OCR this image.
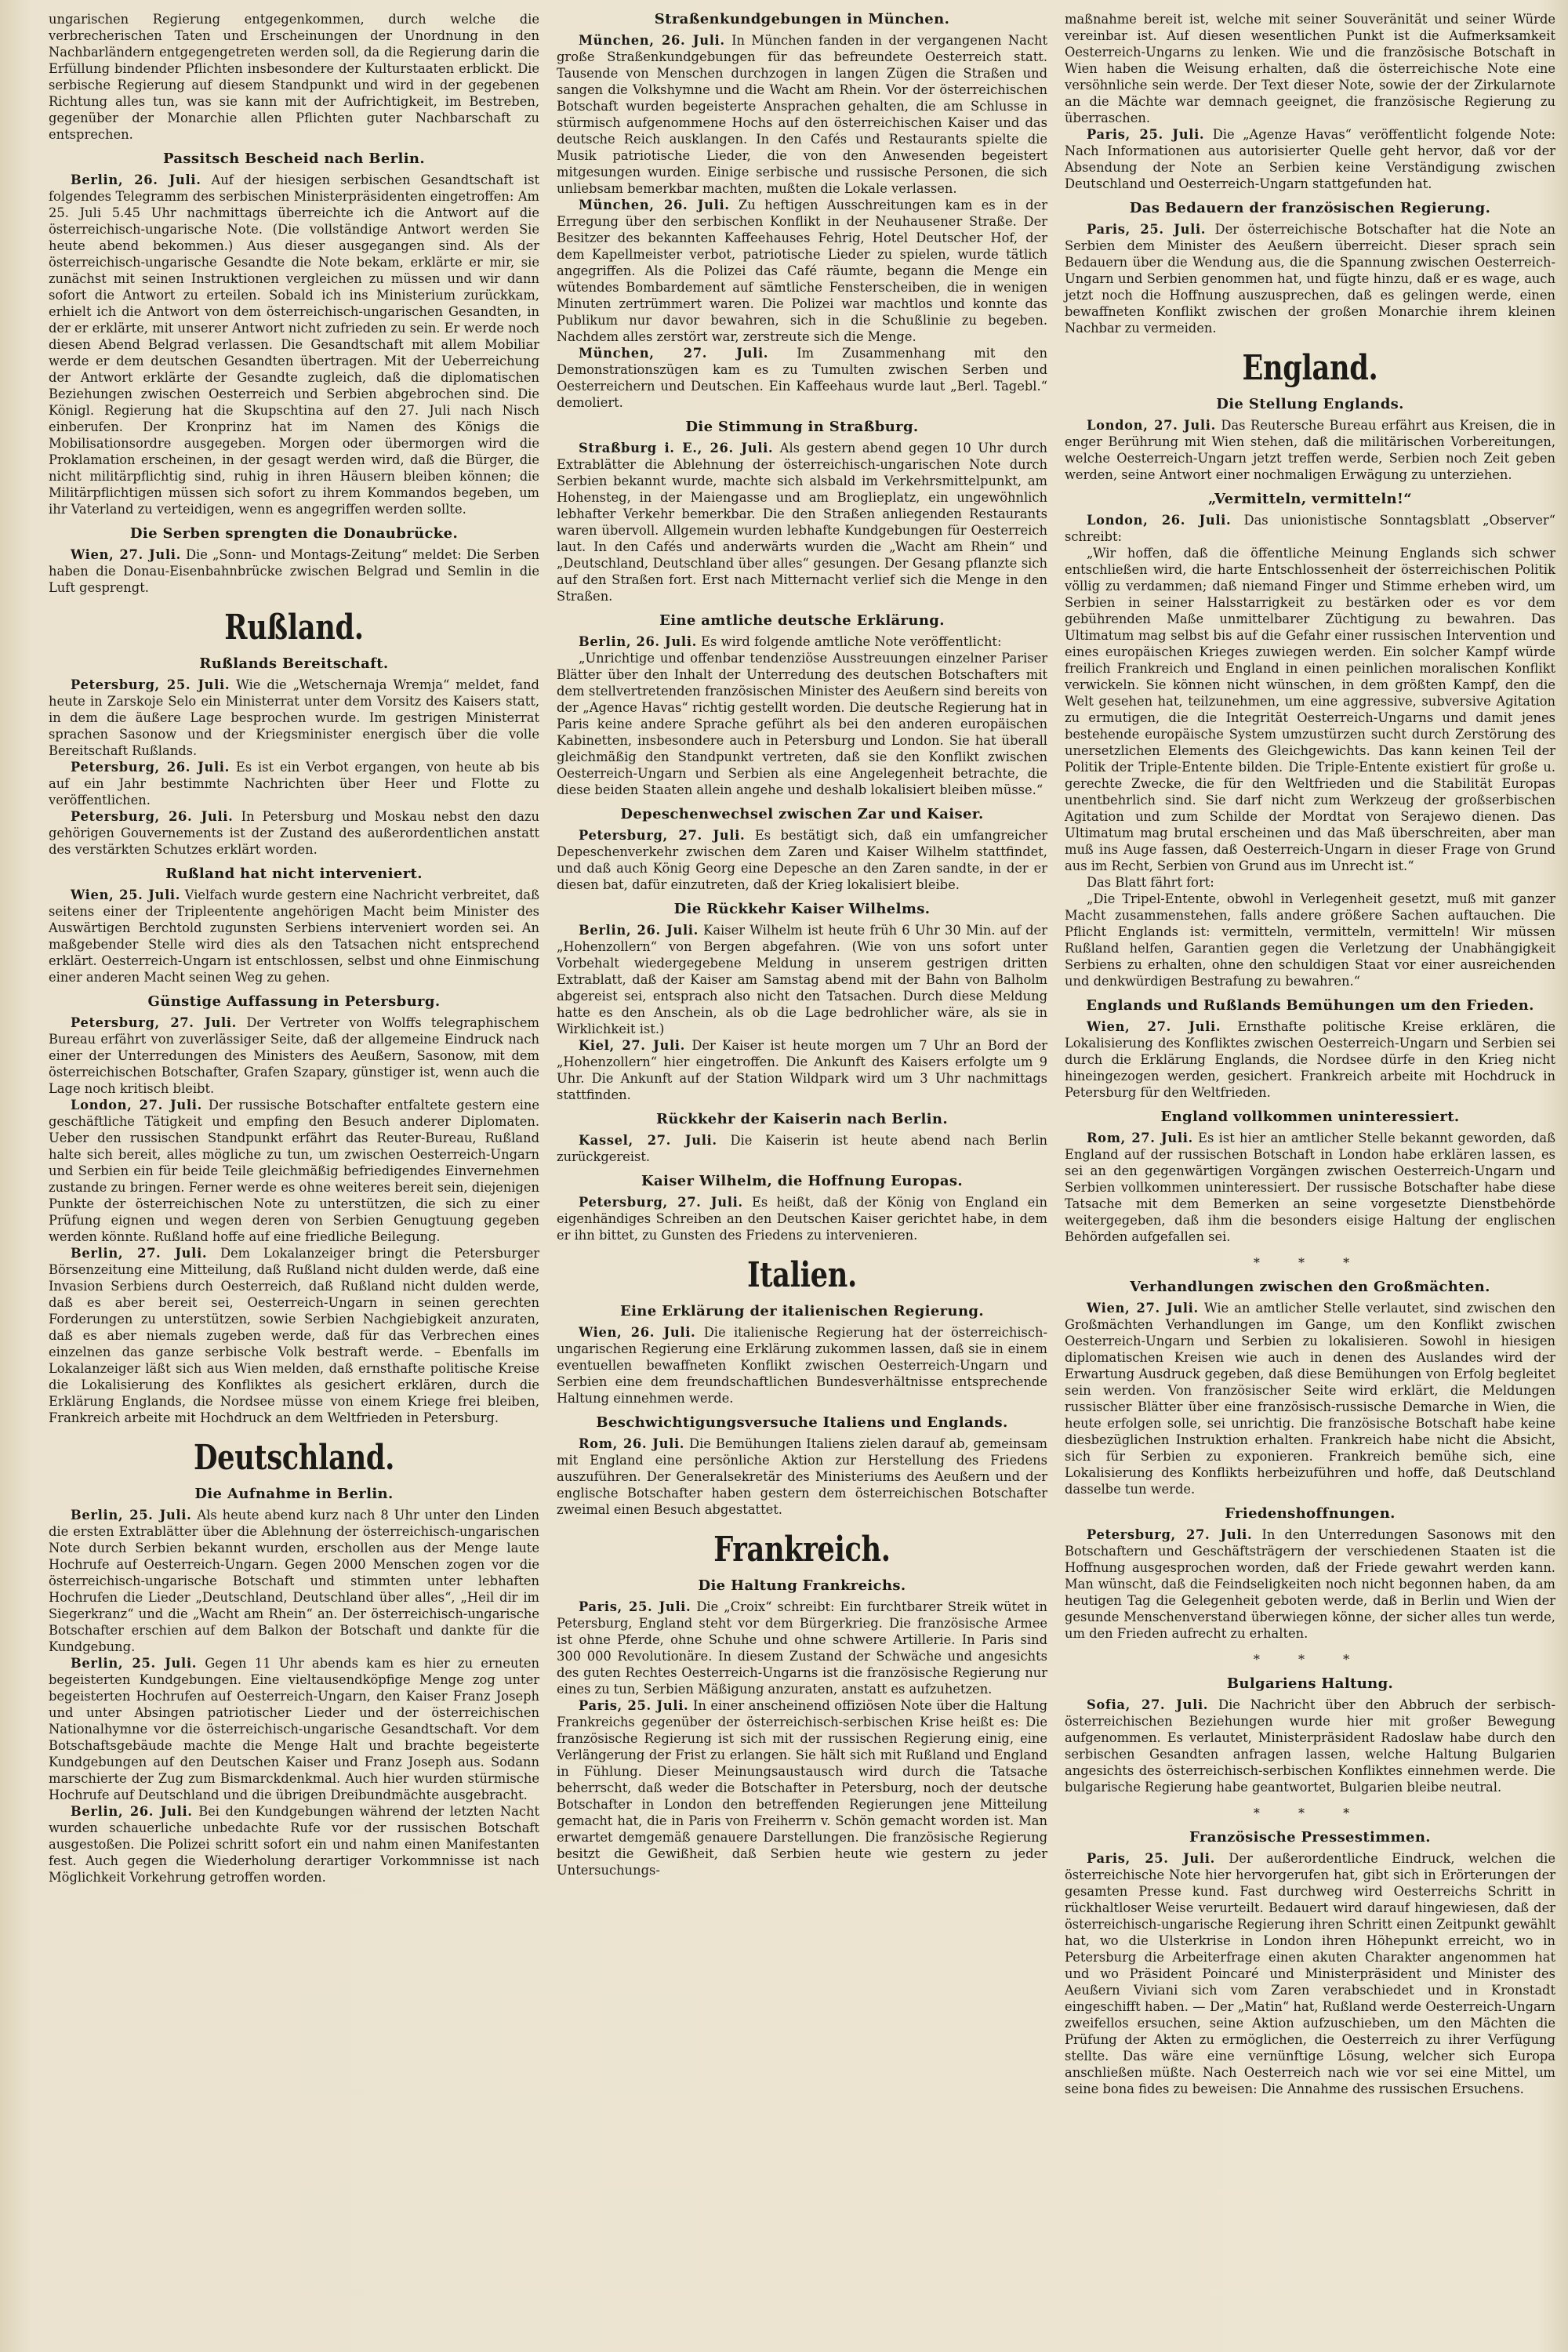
ungarischen Regierung entgegenkommen, durch welche die verbrecherischen Taten und Erscheinungen der Unordnung in den Nachbarländern entgegengetreten werden soll, da die Regierung darin die Erfüllung bindender Pflichten insbesondere der Kulturstaaten erblickt. Die serbische Regierung auf diesem Standpunkt und wird in der gegebenen Richtung alles tun, was sie kann mit der Aufrichtigkeit, im Bestreben, gegenüber der Monarchie allen Pflichten guter Nachbarschaft zu entsprechen.

Passitsch Bescheid nach Berlin.

Berlin, 26. Juli. Auf der hiesigen serbischen Gesandtschaft ist folgendes Telegramm des serbischen Ministerpräsidenten eingetroffen: Am 25. Juli 5.45 Uhr nachmittags überreichte ich die Antwort auf die österreichisch-ungarische Note. (Die vollständige Antwort werden Sie heute abend bekommen.) Aus dieser ausgegangen sind. Als der österreichisch-ungarische Gesandte die Note bekam, erklärte er mir, sie zunächst mit seinen Instruktionen vergleichen zu müssen und wir dann sofort die Antwort zu erteilen. Sobald ich ins Ministerium zurückkam, erhielt ich die Antwort von dem österreichisch-ungarischen Gesandten, in der er erklärte, mit unserer Antwort nicht zufrieden zu sein. Er werde noch diesen Abend Belgrad verlassen. Die Gesandtschaft mit allem Mobiliar werde er dem deutschen Gesandten übertragen. Mit der Ueberreichung der Antwort erklärte der Gesandte zugleich, daß die diplomatischen Beziehungen zwischen Oesterreich und Serbien abgebrochen sind. Die Königl. Regierung hat die Skupschtina auf den 27. Juli nach Nisch einberufen. Der Kronprinz hat im Namen des Königs die Mobilisationsordre ausgegeben. Morgen oder übermorgen wird die Proklamation erscheinen, in der gesagt werden wird, daß die Bürger, die nicht militärpflichtig sind, ruhig in ihren Häusern bleiben können; die Militärpflichtigen müssen sich sofort zu ihrem Kommandos begeben, um ihr Vaterland zu verteidigen, wenn es angegriffen werden sollte.

Die Serben sprengten die Donaubrücke.

Wien, 27. Juli. Die „Sonn- und Montags-Zeitung“ meldet: Die Serben haben die Donau-Eisenbahnbrücke zwischen Belgrad und Semlin in die Luft gesprengt.

Rußland.
Rußlands Bereitschaft.

Petersburg, 25. Juli. Wie die „Wetschernaja Wremja“ meldet, fand heute in Zarskoje Selo ein Ministerrat unter dem Vorsitz des Kaisers statt, in dem die äußere Lage besprochen wurde. Im gestrigen Ministerrat sprachen Sasonow und der Kriegsminister energisch über die volle Bereitschaft Rußlands.

Petersburg, 26. Juli. Es ist ein Verbot ergangen, von heute ab bis auf ein Jahr bestimmte Nachrichten über Heer und Flotte zu veröffentlichen.

Petersburg, 26. Juli. In Petersburg und Moskau nebst den dazu gehörigen Gouvernements ist der Zustand des außerordentlichen anstatt des verstärkten Schutzes erklärt worden.

Rußland hat nicht interveniert.

Wien, 25. Juli. Vielfach wurde gestern eine Nachricht verbreitet, daß seitens einer der Tripleentente angehörigen Macht beim Minister des Auswärtigen Berchtold zugunsten Serbiens interveniert worden sei. An maßgebender Stelle wird dies als den Tatsachen nicht entsprechend erklärt. Oesterreich-Ungarn ist entschlossen, selbst und ohne Einmischung einer anderen Macht seinen Weg zu gehen.

Günstige Auffassung in Petersburg.

Petersburg, 27. Juli. Der Vertreter von Wolffs telegraphischem Bureau erfährt von zuverlässiger Seite, daß der allgemeine Eindruck nach einer der Unterredungen des Ministers des Aeußern, Sasonow, mit dem österreichischen Botschafter, Grafen Szapary, günstiger ist, wenn auch die Lage noch kritisch bleibt.

London, 27. Juli. Der russische Botschafter entfaltete gestern eine geschäftliche Tätigkeit und empfing den Besuch anderer Diplomaten. Ueber den russischen Standpunkt erfährt das Reuter-Bureau, Rußland halte sich bereit, alles mögliche zu tun, um zwischen Oesterreich-Ungarn und Serbien ein für beide Teile gleichmäßig befriedigendes Einvernehmen zustande zu bringen. Ferner werde es ohne weiteres bereit sein, diejenigen Punkte der österreichischen Note zu unterstützen, die sich zu einer Prüfung eignen und wegen deren von Serbien Genugtuung gegeben werden könnte. Rußland hoffe auf eine friedliche Beilegung.

Berlin, 27. Juli. Dem Lokalanzeiger bringt die Petersburger Börsenzeitung eine Mitteilung, daß Rußland nicht dulden werde, daß eine Invasion Serbiens durch Oesterreich, daß Rußland nicht dulden werde, daß es aber bereit sei, Oesterreich-Ungarn in seinen gerechten Forderungen zu unterstützen, sowie Serbien Nachgiebigkeit anzuraten, daß es aber niemals zugeben werde, daß für das Verbrechen eines einzelnen das ganze serbische Volk bestraft werde. – Ebenfalls im Lokalanzeiger läßt sich aus Wien melden, daß ernsthafte politische Kreise die Lokalisierung des Konfliktes als gesichert erklären, durch die Erklärung Englands, die Nordsee müsse von einem Kriege frei bleiben, Frankreich arbeite mit Hochdruck an dem Weltfrieden in Petersburg.

Deutschland.
Die Aufnahme in Berlin.

Berlin, 25. Juli. Als heute abend kurz nach 8 Uhr unter den Linden die ersten Extrablätter über die Ablehnung der österreichisch-ungarischen Note durch Serbien bekannt wurden, erschollen aus der Menge laute Hochrufe auf Oesterreich-Ungarn. Gegen 2000 Menschen zogen vor die österreichisch-ungarische Botschaft und stimmten unter lebhaften Hochrufen die Lieder „Deutschland, Deutschland über alles“, „Heil dir im Siegerkranz“ und die „Wacht am Rhein“ an. Der österreichisch-ungarische Botschafter erschien auf dem Balkon der Botschaft und dankte für die Kundgebung.

Berlin, 25. Juli. Gegen 11 Uhr abends kam es hier zu erneuten begeisterten Kundgebungen. Eine vieltausendköpfige Menge zog unter begeisterten Hochrufen auf Oesterreich-Ungarn, den Kaiser Franz Joseph und unter Absingen patriotischer Lieder und der österreichischen Nationalhymne vor die österreichisch-ungarische Gesandtschaft. Vor dem Botschaftsgebäude machte die Menge Halt und brachte begeisterte Kundgebungen auf den Deutschen Kaiser und Franz Joseph aus. Sodann marschierte der Zug zum Bismarckdenkmal. Auch hier wurden stürmische Hochrufe auf Deutschland und die übrigen Dreibundmächte ausgebracht.

Berlin, 26. Juli. Bei den Kundgebungen während der letzten Nacht wurden schauerliche unbedachte Rufe vor der russischen Botschaft ausgestoßen. Die Polizei schritt sofort ein und nahm einen Manifestanten fest. Auch gegen die Wiederholung derartiger Vorkommnisse ist nach Möglichkeit Vorkehrung getroffen worden.

Straßenkundgebungen in München.

München, 26. Juli. In München fanden in der vergangenen Nacht große Straßenkundgebungen für das befreundete Oesterreich statt. Tausende von Menschen durchzogen in langen Zügen die Straßen und sangen die Volkshymne und die Wacht am Rhein. Vor der österreichischen Botschaft wurden begeisterte Ansprachen gehalten, die am Schlusse in stürmisch aufgenommene Hochs auf den österreichischen Kaiser und das deutsche Reich ausklangen. In den Cafés und Restaurants spielte die Musik patriotische Lieder, die von den Anwesenden begeistert mitgesungen wurden. Einige serbische und russische Personen, die sich unliebsam bemerkbar machten, mußten die Lokale verlassen.

München, 26. Juli. Zu heftigen Ausschreitungen kam es in der Erregung über den serbischen Konflikt in der Neuhausener Straße. Der Besitzer des bekannten Kaffeehauses Fehrig, Hotel Deutscher Hof, der dem Kapellmeister verbot, patriotische Lieder zu spielen, wurde tätlich angegriffen. Als die Polizei das Café räumte, begann die Menge ein wütendes Bombardement auf sämtliche Fensterscheiben, die in wenigen Minuten zertrümmert waren. Die Polizei war machtlos und konnte das Publikum nur davor bewahren, sich in die Schußlinie zu begeben. Nachdem alles zerstört war, zerstreute sich die Menge.

München, 27. Juli. Im Zusammenhang mit den Demonstrationszügen kam es zu Tumulten zwischen Serben und Oesterreichern und Deutschen. Ein Kaffeehaus wurde laut „Berl. Tagebl.“ demoliert.

Die Stimmung in Straßburg.

Straßburg i. E., 26. Juli. Als gestern abend gegen 10 Uhr durch Extrablätter die Ablehnung der österreichisch-ungarischen Note durch Serbien bekannt wurde, machte sich alsbald im Verkehrsmittelpunkt, am Hohensteg, in der Maiengasse und am Broglieplatz, ein ungewöhnlich lebhafter Verkehr bemerkbar. Die den Straßen anliegenden Restaurants waren übervoll. Allgemein wurden lebhafte Kundgebungen für Oesterreich laut. In den Cafés und anderwärts wurden die „Wacht am Rhein“ und „Deutschland, Deutschland über alles“ gesungen. Der Gesang pflanzte sich auf den Straßen fort. Erst nach Mitternacht verlief sich die Menge in den Straßen.

Eine amtliche deutsche Erklärung.

Berlin, 26. Juli. Es wird folgende amtliche Note veröffentlicht:

„Unrichtige und offenbar tendenziöse Ausstreuungen einzelner Pariser Blätter über den Inhalt der Unterredung des deutschen Botschafters mit dem stellvertretenden französischen Minister des Aeußern sind bereits von der „Agence Havas“ richtig gestellt worden. Die deutsche Regierung hat in Paris keine andere Sprache geführt als bei den anderen europäischen Kabinetten, insbesondere auch in Petersburg und London. Sie hat überall gleichmäßig den Standpunkt vertreten, daß sie den Konflikt zwischen Oesterreich-Ungarn und Serbien als eine Angelegenheit betrachte, die diese beiden Staaten allein angehe und deshalb lokalisiert bleiben müsse.“

Depeschenwechsel zwischen Zar und Kaiser.

Petersburg, 27. Juli. Es bestätigt sich, daß ein umfangreicher Depeschenverkehr zwischen dem Zaren und Kaiser Wilhelm stattfindet, und daß auch König Georg eine Depesche an den Zaren sandte, in der er diesen bat, dafür einzutreten, daß der Krieg lokalisiert bleibe.

Die Rückkehr Kaiser Wilhelms.

Berlin, 26. Juli. Kaiser Wilhelm ist heute früh 6 Uhr 30 Min. auf der „Hohenzollern“ von Bergen abgefahren. (Wie von uns sofort unter Vorbehalt wiedergegebene Meldung in unserem gestrigen dritten Extrablatt, daß der Kaiser am Samstag abend mit der Bahn von Balholm abgereist sei, entsprach also nicht den Tatsachen. Durch diese Meldung hatte es den Anschein, als ob die Lage bedrohlicher wäre, als sie in Wirklichkeit ist.)

Kiel, 27. Juli. Der Kaiser ist heute morgen um 7 Uhr an Bord der „Hohenzollern“ hier eingetroffen. Die Ankunft des Kaisers erfolgte um 9 Uhr. Die Ankunft auf der Station Wildpark wird um 3 Uhr nachmittags stattfinden.

Rückkehr der Kaiserin nach Berlin.

Kassel, 27. Juli. Die Kaiserin ist heute abend nach Berlin zurückgereist.

Kaiser Wilhelm, die Hoffnung Europas.

Petersburg, 27. Juli. Es heißt, daß der König von England ein eigenhändiges Schreiben an den Deutschen Kaiser gerichtet habe, in dem er ihn bittet, zu Gunsten des Friedens zu intervenieren.

Italien.
Eine Erklärung der italienischen Regierung.

Wien, 26. Juli. Die italienische Regierung hat der österreichisch-ungarischen Regierung eine Erklärung zukommen lassen, daß sie in einem eventuellen bewaffneten Konflikt zwischen Oesterreich-Ungarn und Serbien eine dem freundschaftlichen Bundesverhältnisse entsprechende Haltung einnehmen werde.

Beschwichtigungsversuche Italiens und Englands.

Rom, 26. Juli. Die Bemühungen Italiens zielen darauf ab, gemeinsam mit England eine persönliche Aktion zur Herstellung des Friedens auszuführen. Der Generalsekretär des Ministeriums des Aeußern und der englische Botschafter haben gestern dem österreichischen Botschafter zweimal einen Besuch abgestattet.

Frankreich.
Die Haltung Frankreichs.

Paris, 25. Juli. Die „Croix“ schreibt: Ein furchtbarer Streik wütet in Petersburg, England steht vor dem Bürgerkrieg. Die französische Armee ist ohne Pferde, ohne Schuhe und ohne schwere Artillerie. In Paris sind 300 000 Revolutionäre. In diesem Zustand der Schwäche und angesichts des guten Rechtes Oesterreich-Ungarns ist die französische Regierung nur eines zu tun, Serbien Mäßigung anzuraten, anstatt es aufzuhetzen.

Paris, 25. Juli. In einer anscheinend offiziösen Note über die Haltung Frankreichs gegenüber der österreichisch-serbischen Krise heißt es: Die französische Regierung ist sich mit der russischen Regierung einig, eine Verlängerung der Frist zu erlangen. Sie hält sich mit Rußland und England in Fühlung. Dieser Meinungsaustausch wird durch die Tatsache beherrscht, daß weder die Botschafter in Petersburg, noch der deutsche Botschafter in London den betreffenden Regierungen jene Mitteilung gemacht hat, die in Paris von Freiherrn v. Schön gemacht worden ist. Man erwartet demgemäß genauere Darstellungen. Die französische Regierung besitzt die Gewißheit, daß Serbien heute wie gestern zu jeder Untersuchungs-

maßnahme bereit ist, welche mit seiner Souveränität und seiner Würde vereinbar ist. Auf diesen wesentlichen Punkt ist die Aufmerksamkeit Oesterreich-Ungarns zu lenken. Wie und die französische Botschaft in Wien haben die Weisung erhalten, daß die österreichische Note eine versöhnliche sein werde. Der Text dieser Note, sowie der der Zirkularnote an die Mächte war demnach geeignet, die französische Regierung zu überraschen.

Paris, 25. Juli. Die „Agenze Havas“ veröffentlicht folgende Note: Nach Informationen aus autorisierter Quelle geht hervor, daß vor der Absendung der Note an Serbien keine Verständigung zwischen Deutschland und Oesterreich-Ungarn stattgefunden hat.

Das Bedauern der französischen Regierung.

Paris, 25. Juli. Der österreichische Botschafter hat die Note an Serbien dem Minister des Aeußern überreicht. Dieser sprach sein Bedauern über die Wendung aus, die die Spannung zwischen Oesterreich-Ungarn und Serbien genommen hat, und fügte hinzu, daß er es wage, auch jetzt noch die Hoffnung auszusprechen, daß es gelingen werde, einen bewaffneten Konflikt zwischen der großen Monarchie ihrem kleinen Nachbar zu vermeiden.

England.
Die Stellung Englands.

London, 27. Juli. Das Reutersche Bureau erfährt aus Kreisen, die in enger Berührung mit Wien stehen, daß die militärischen Vorbereitungen, welche Oesterreich-Ungarn jetzt treffen werde, Serbien noch Zeit geben werden, seine Antwort einer nochmaligen Erwägung zu unterziehen.

„Vermitteln, vermitteln!“

London, 26. Juli. Das unionistische Sonntagsblatt „Observer“ schreibt:

„Wir hoffen, daß die öffentliche Meinung Englands sich schwer entschließen wird, die harte Entschlossenheit der österreichischen Politik völlig zu verdammen; daß niemand Finger und Stimme erheben wird, um Serbien in seiner Halsstarrigkeit zu bestärken oder es vor dem gebührenden Maße unmittelbarer Züchtigung zu bewahren. Das Ultimatum mag selbst bis auf die Gefahr einer russischen Intervention und eines europäischen Krieges zuwiegen werden. Ein solcher Kampf würde freilich Frankreich und England in einen peinlichen moralischen Konflikt verwickeln. Sie können nicht wünschen, in dem größten Kampf, den die Welt gesehen hat, teilzunehmen, um eine aggressive, subversive Agitation zu ermutigen, die die Integrität Oesterreich-Ungarns und damit jenes bestehende europäische System umzustürzen sucht durch Zerstörung des unersetzlichen Elements des Gleichgewichts. Das kann keinen Teil der Politik der Triple-Entente bilden. Die Triple-Entente existiert für große u. gerechte Zwecke, die für den Weltfrieden und die Stabilität Europas unentbehrlich sind. Sie darf nicht zum Werkzeug der großserbischen Agitation und zum Schilde der Mordtat von Serajewo dienen. Das Ultimatum mag brutal erscheinen und das Maß überschreiten, aber man muß ins Auge fassen, daß Oesterreich-Ungarn in dieser Frage von Grund aus im Recht, Serbien von Grund aus im Unrecht ist.“

Das Blatt fährt fort:

„Die Tripel-Entente, obwohl in Verlegenheit gesetzt, muß mit ganzer Macht zusammenstehen, falls andere größere Sachen auftauchen. Die Pflicht Englands ist: vermitteln, vermitteln, vermitteln! Wir müssen Rußland helfen, Garantien gegen die Verletzung der Unabhängigkeit Serbiens zu erhalten, ohne den schuldigen Staat vor einer ausreichenden und denkwürdigen Bestrafung zu bewahren.“

Englands und Rußlands Bemühungen um den Frieden.

Wien, 27. Juli. Ernsthafte politische Kreise erklären, die Lokalisierung des Konfliktes zwischen Oesterreich-Ungarn und Serbien sei durch die Erklärung Englands, die Nordsee dürfe in den Krieg nicht hineingezogen werden, gesichert. Frankreich arbeite mit Hochdruck in Petersburg für den Weltfrieden.

England vollkommen uninteressiert.

Rom, 27. Juli. Es ist hier an amtlicher Stelle bekannt geworden, daß England auf der russischen Botschaft in London habe erklären lassen, es sei an den gegenwärtigen Vorgängen zwischen Oesterreich-Ungarn und Serbien vollkommen uninteressiert. Der russische Botschafter habe diese Tatsache mit dem Bemerken an seine vorgesetzte Dienstbehörde weitergegeben, daß ihm die besonders eisige Haltung der englischen Behörden aufgefallen sei.

* * *
Verhandlungen zwischen den Großmächten.

Wien, 27. Juli. Wie an amtlicher Stelle verlautet, sind zwischen den Großmächten Verhandlungen im Gange, um den Konflikt zwischen Oesterreich-Ungarn und Serbien zu lokalisieren. Sowohl in hiesigen diplomatischen Kreisen wie auch in denen des Auslandes wird der Erwartung Ausdruck gegeben, daß diese Bemühungen von Erfolg begleitet sein werden. Von französischer Seite wird erklärt, die Meldungen russischer Blätter über eine französisch-russische Demarche in Wien, die heute erfolgen solle, sei unrichtig. Die französische Botschaft habe keine diesbezüglichen Instruktion erhalten. Frankreich habe nicht die Absicht, sich für Serbien zu exponieren. Frankreich bemühe sich, eine Lokalisierung des Konflikts herbeizuführen und hoffe, daß Deutschland dasselbe tun werde.

Friedenshoffnungen.

Petersburg, 27. Juli. In den Unterredungen Sasonows mit den Botschaftern und Geschäftsträgern der verschiedenen Staaten ist die Hoffnung ausgesprochen worden, daß der Friede gewahrt werden kann. Man wünscht, daß die Feindseligkeiten noch nicht begonnen haben, da am heutigen Tag die Gelegenheit geboten werde, daß in Berlin und Wien der gesunde Menschenverstand überwiegen könne, der sicher alles tun werde, um den Frieden aufrecht zu erhalten.

* * *
Bulgariens Haltung.

Sofia, 27. Juli. Die Nachricht über den Abbruch der serbisch-österreichischen Beziehungen wurde hier mit großer Bewegung aufgenommen. Es verlautet, Ministerpräsident Radoslaw habe durch den serbischen Gesandten anfragen lassen, welche Haltung Bulgarien angesichts des österreichisch-serbischen Konfliktes einnehmen werde. Die bulgarische Regierung habe geantwortet, Bulgarien bleibe neutral.

* * *
Französische Pressestimmen.

Paris, 25. Juli. Der außerordentliche Eindruck, welchen die österreichische Note hier hervorgerufen hat, gibt sich in Erörterungen der gesamten Presse kund. Fast durchweg wird Oesterreichs Schritt in rückhaltloser Weise verurteilt. Bedauert wird darauf hingewiesen, daß der österreichisch-ungarische Regierung ihren Schritt einen Zeitpunkt gewählt hat, wo die Ulsterkrise in London ihren Höhepunkt erreicht, wo in Petersburg die Arbeiterfrage einen akuten Charakter angenommen hat und wo Präsident Poincaré und Ministerpräsident und Minister des Aeußern Viviani sich vom Zaren verabschiedet und in Kronstadt eingeschifft haben. — Der „Matin“ hat, Rußland werde Oesterreich-Ungarn zweifellos ersuchen, seine Aktion aufzuschieben, um den Mächten die Prüfung der Akten zu ermöglichen, die Oesterreich zu ihrer Verfügung stellte. Das wäre eine vernünftige Lösung, welcher sich Europa anschließen müßte. Nach Oesterreich nach wie vor sei eine Mittel, um seine bona fides zu beweisen: Die Annahme des russischen Ersuchens.
